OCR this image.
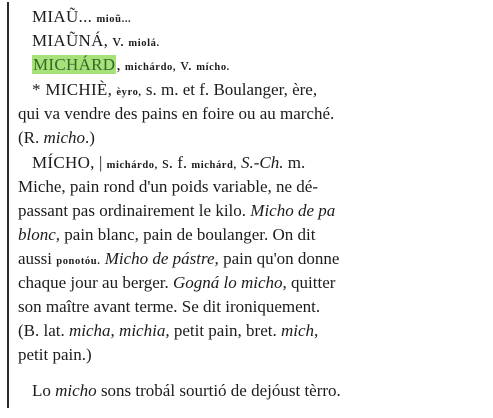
MIAŨ... miοũ...
MIAŨNÁ, v. miolá.
MICHÁRD, michárdo, v. mícho.
* MICHIÈ, èyro, s. m. et f. Boulanger, ère,
qui va vendre des pains en foire ou au marché.
(R. micho.)
MÍCHO, | michárdo, s. f. michárd, S.-Ch. m.
Miche, pain rond d'un poids variable, ne dé-
passant pas ordinairement le kilo. Micho de pa
blonc, pain blanc, pain de boulanger. On dit
aussi ponotóu. Micho de pástre, pain qu'on donne
chaque jour au berger. Gogná lo micho, quitter
son maître avant terme. Se dit ironiquement.
(B. lat. micha, michia, petit pain, bret. mich,
petit pain.)
Lo micho sons trobál sourtió de dejóust tèrro.
